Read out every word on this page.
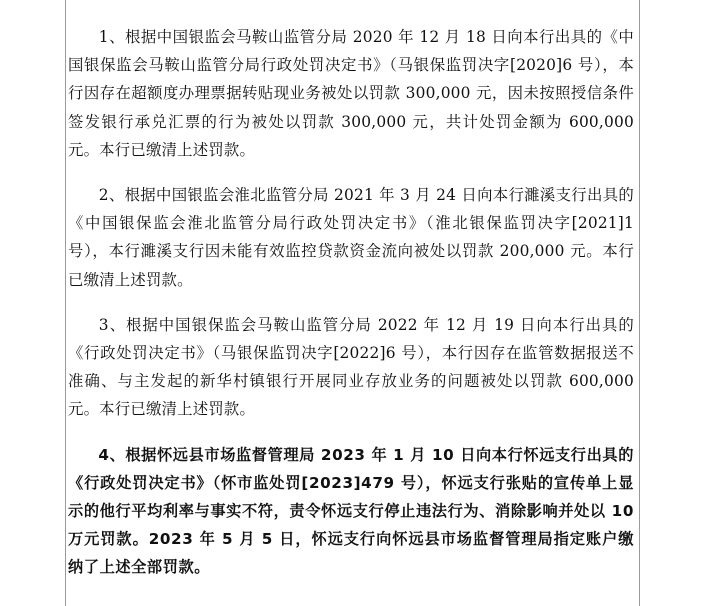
1、根据中国银监会马鞍山监管分局 2020 年 12 月 18 日向本行出具的《中国银保监会马鞍山监管分局行政处罚决定书》（马银保监罚决字[2020]6 号），本行因存在超额度办理票据转贴现业务被处以罚款 300,000 元，因未按照授信条件签发银行承兑汇票的行为被处以罚款 300,000 元，共计处罚金额为 600,000 元。本行已缴清上述罚款。

2、根据中国银监会淮北监管分局 2021 年 3 月 24 日向本行濉溪支行出具的《中国银保监会淮北监管分局行政处罚决定书》（淮北银保监罚决字[2021]1 号），本行濉溪支行因未能有效监控贷款资金流向被处以罚款 200,000 元。本行已缴清上述罚款。

3、根据中国银保监会马鞍山监管分局 2022 年 12 月 19 日向本行出具的《行政处罚决定书》（马银保监罚决字[2022]6 号），本行因存在监管数据报送不准确、与主发起的新华村镇银行开展同业存放业务的问题被处以罚款 600,000 元。本行已缴清上述罚款。

4、根据怀远县市场监督管理局 2023 年 1 月 10 日向本行怀远支行出具的《行政处罚决定书》（怀市监处罚[2023]479 号），怀远支行张贴的宣传单上显示的他行平均利率与事实不符，责令怀远支行停止违法行为、消除影响并处以 10 万元罚款。2023 年 5 月 5 日，怀远支行向怀远县市场监督管理局指定账户缴纳了上述全部罚款。
